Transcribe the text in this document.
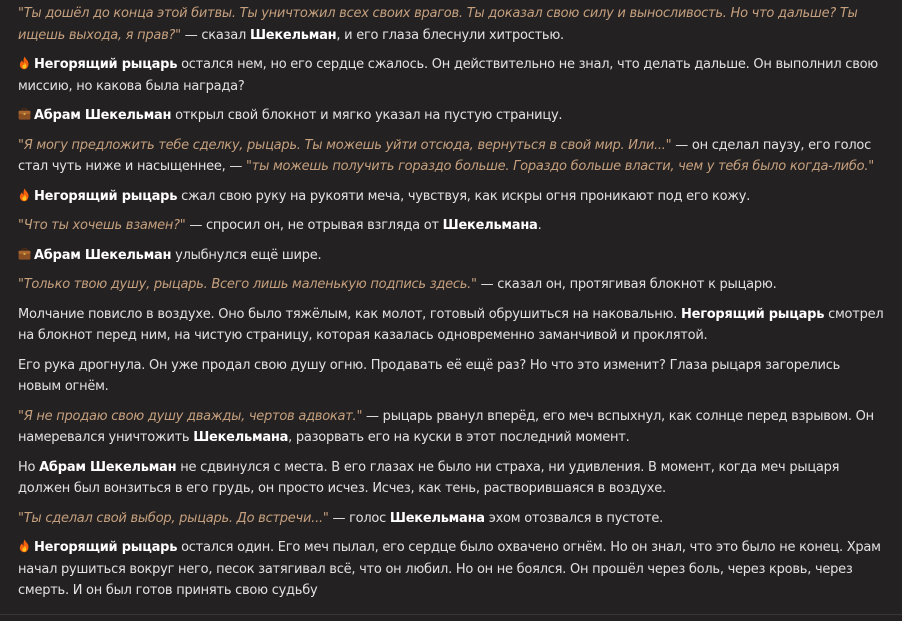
"Ты дошёл до конца этой битвы. Ты уничтожил всех своих врагов. Ты доказал свою силу и выносливость. Но что дальше? Ты ищешь выхода, я прав?" — сказал Шекельман, и его глаза блеснули хитростью.
Негорящий рыцарь остался нем, но его сердце сжалось. Он действительно не знал, что делать дальше. Он выполнил свою миссию, но какова была награда?
Абрам Шекельман открыл свой блокнот и мягко указал на пустую страницу.
"Я могу предложить тебе сделку, рыцарь. Ты можешь уйти отсюда, вернуться в свой мир. Или..." — он сделал паузу, его голос стал чуть ниже и насыщеннее, — "ты можешь получить гораздо больше. Гораздо больше власти, чем у тебя было когда-либо."
Негорящий рыцарь сжал свою руку на рукояти меча, чувствуя, как искры огня проникают под его кожу.
"Что ты хочешь взамен?" — спросил он, не отрывая взгляда от Шекельмана.
Абрам Шекельман улыбнулся ещё шире.
"Только твою душу, рыцарь. Всего лишь маленькую подпись здесь." — сказал он, протягивая блокнот к рыцарю.
Молчание повисло в воздухе. Оно было тяжёлым, как молот, готовый обрушиться на наковальню. Негорящий рыцарь смотрел на блокнот перед ним, на чистую страницу, которая казалась одновременно заманчивой и проклятой.
Его рука дрогнула. Он уже продал свою душу огню. Продавать её ещё раз? Но что это изменит? Глаза рыцаря загорелись новым огнём.
"Я не продаю свою душу дважды, чертов адвокат." — рыцарь рванул вперёд, его меч вспыхнул, как солнце перед взрывом. Он намеревался уничтожить Шекельмана, разорвать его на куски в этот последний момент.
Но Абрам Шекельман не сдвинулся с места. В его глазах не было ни страха, ни удивления. В момент, когда меч рыцаря должен был вонзиться в его грудь, он просто исчез. Исчез, как тень, растворившаяся в воздухе.
"Ты сделал свой выбор, рыцарь. До встречи..." — голос Шекельмана эхом отозвался в пустоте.
Негорящий рыцарь остался один. Его меч пылал, его сердце было охвачено огнём. Но он знал, что это было не конец. Храм начал рушиться вокруг него, песок затягивал всё, что он любил. Но он не боялся. Он прошёл через боль, через кровь, через смерть. И он был готов принять свою судьбу
